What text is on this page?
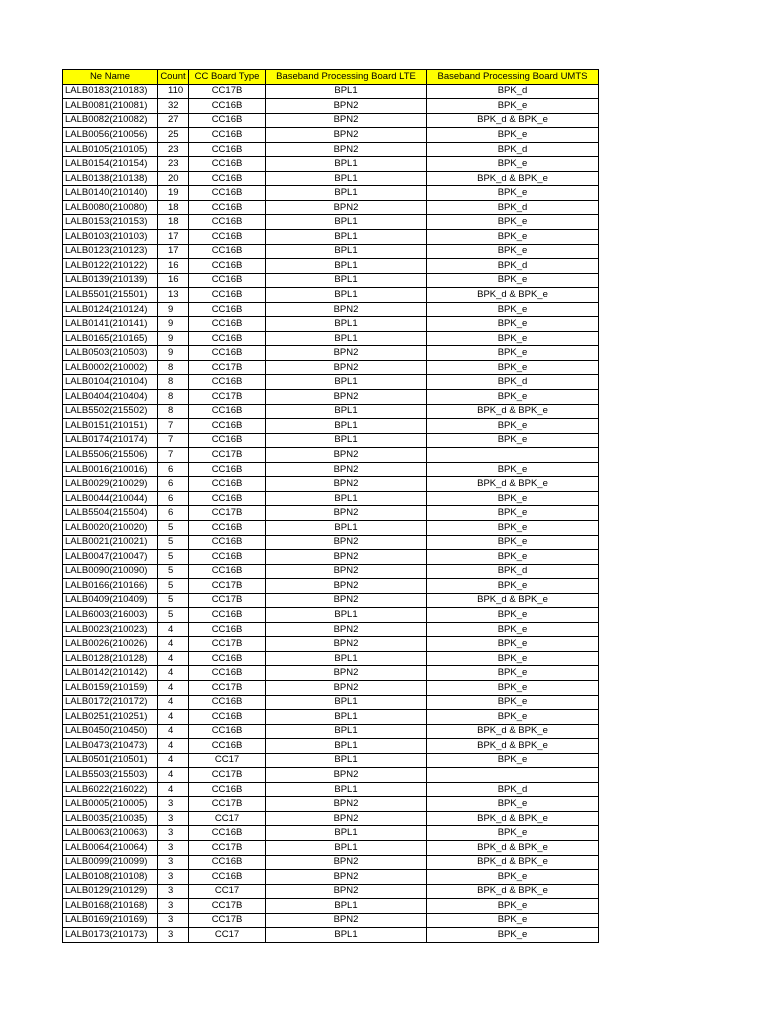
Ne Name	Count	CC Board Type	Baseband Processing Board LTE	Baseband Processing Board UMTS
LALB0183(210183)	110	CC17B	BPL1	BPK_d
LALB0081(210081)	32	CC16B	BPN2	BPK_e
LALB0082(210082)	27	CC16B	BPN2	BPK_d & BPK_e
LALB0056(210056)	25	CC16B	BPN2	BPK_e
LALB0105(210105)	23	CC16B	BPN2	BPK_d
LALB0154(210154)	23	CC16B	BPL1	BPK_e
LALB0138(210138)	20	CC16B	BPL1	BPK_d & BPK_e
LALB0140(210140)	19	CC16B	BPL1	BPK_e
LALB0080(210080)	18	CC16B	BPN2	BPK_d
LALB0153(210153)	18	CC16B	BPL1	BPK_e
LALB0103(210103)	17	CC16B	BPL1	BPK_e
LALB0123(210123)	17	CC16B	BPL1	BPK_e
LALB0122(210122)	16	CC16B	BPL1	BPK_d
LALB0139(210139)	16	CC16B	BPL1	BPK_e
LALB5501(215501)	13	CC16B	BPL1	BPK_d & BPK_e
LALB0124(210124)	9	CC16B	BPN2	BPK_e
LALB0141(210141)	9	CC16B	BPL1	BPK_e
LALB0165(210165)	9	CC16B	BPL1	BPK_e
LALB0503(210503)	9	CC16B	BPN2	BPK_e
LALB0002(210002)	8	CC17B	BPN2	BPK_e
LALB0104(210104)	8	CC16B	BPL1	BPK_d
LALB0404(210404)	8	CC17B	BPN2	BPK_e
LALB5502(215502)	8	CC16B	BPL1	BPK_d & BPK_e
LALB0151(210151)	7	CC16B	BPL1	BPK_e
LALB0174(210174)	7	CC16B	BPL1	BPK_e
LALB5506(215506)	7	CC17B	BPN2	
LALB0016(210016)	6	CC16B	BPN2	BPK_e
LALB0029(210029)	6	CC16B	BPN2	BPK_d & BPK_e
LALB0044(210044)	6	CC16B	BPL1	BPK_e
LALB5504(215504)	6	CC17B	BPN2	BPK_e
LALB0020(210020)	5	CC16B	BPL1	BPK_e
LALB0021(210021)	5	CC16B	BPN2	BPK_e
LALB0047(210047)	5	CC16B	BPN2	BPK_e
LALB0090(210090)	5	CC16B	BPN2	BPK_d
LALB0166(210166)	5	CC17B	BPN2	BPK_e
LALB0409(210409)	5	CC17B	BPN2	BPK_d & BPK_e
LALB6003(216003)	5	CC16B	BPL1	BPK_e
LALB0023(210023)	4	CC16B	BPN2	BPK_e
LALB0026(210026)	4	CC17B	BPN2	BPK_e
LALB0128(210128)	4	CC16B	BPL1	BPK_e
LALB0142(210142)	4	CC16B	BPN2	BPK_e
LALB0159(210159)	4	CC17B	BPN2	BPK_e
LALB0172(210172)	4	CC16B	BPL1	BPK_e
LALB0251(210251)	4	CC16B	BPL1	BPK_e
LALB0450(210450)	4	CC16B	BPL1	BPK_d & BPK_e
LALB0473(210473)	4	CC16B	BPL1	BPK_d & BPK_e
LALB0501(210501)	4	CC17	BPL1	BPK_e
LALB5503(215503)	4	CC17B	BPN2	
LALB6022(216022)	4	CC16B	BPL1	BPK_d
LALB0005(210005)	3	CC17B	BPN2	BPK_e
LALB0035(210035)	3	CC17	BPN2	BPK_d & BPK_e
LALB0063(210063)	3	CC16B	BPL1	BPK_e
LALB0064(210064)	3	CC17B	BPL1	BPK_d & BPK_e
LALB0099(210099)	3	CC16B	BPN2	BPK_d & BPK_e
LALB0108(210108)	3	CC16B	BPN2	BPK_e
LALB0129(210129)	3	CC17	BPN2	BPK_d & BPK_e
LALB0168(210168)	3	CC17B	BPL1	BPK_e
LALB0169(210169)	3	CC17B	BPN2	BPK_e
LALB0173(210173)	3	CC17	BPL1	BPK_e
